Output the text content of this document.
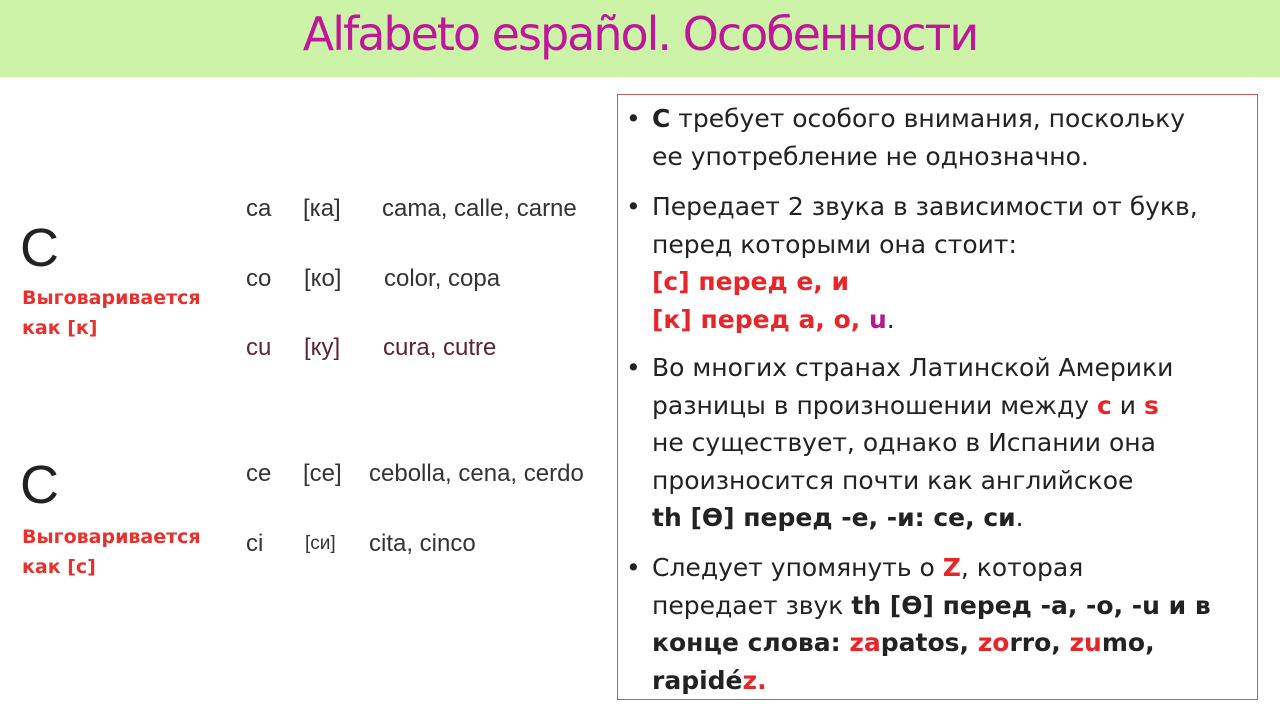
Alfabeto español. Особенности
C
Выговаривается
как [к]
ca [ка] cama, calle, carne
co [ко] color, copa
cu [ку] cura, cutre
C
Выговаривается
как [с]
ce [се] cebolla, cena, cerdo
ci [си] cita, cinco
• C требует особого внимания, поскольку
ее употребление не однозначно.
• Передает 2 звука в зависимости от букв,
перед которыми она стоит:
[c] перед e, и
[к] перед а, о, u.
• Во многих странах Латинской Америки
разницы в произношении между c и s
не существует, однако в Испании она
произносится почти как английское
th [Ɵ] перед -е, -и: се, си.
• Следует упомянуть о Z, которая
передает звук th [Ɵ] перед -a, -o, -u и в
конце слова: zapatos, zorro, zumo,
rapidéz.
